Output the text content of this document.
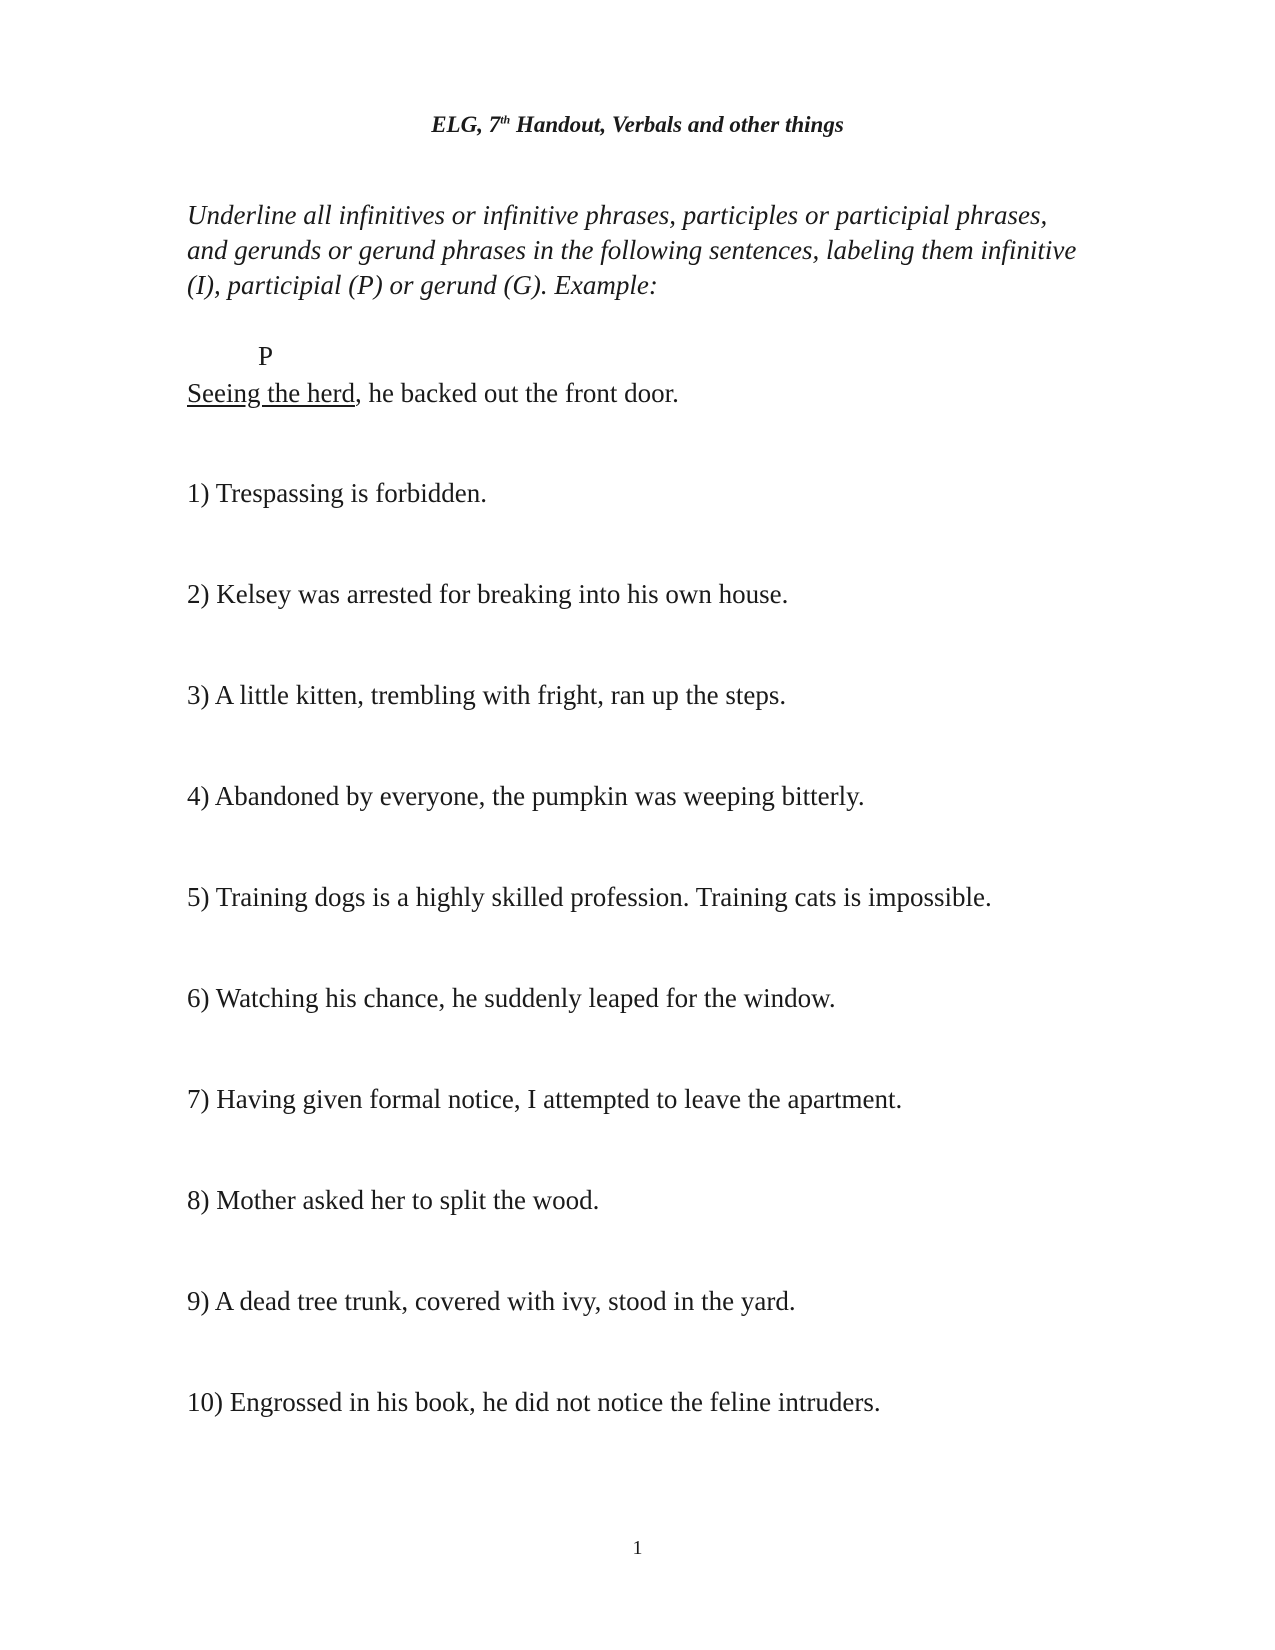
ELG, 7th Handout, Verbals and other things
Underline all infinitives or infinitive phrases, participles or participial phrases, and gerunds or gerund phrases in the following sentences, labeling them infinitive (I), participial (P) or gerund (G). Example:
P
Seeing the herd, he backed out the front door.
1) Trespassing is forbidden.
2) Kelsey was arrested for breaking into his own house.
3) A little kitten, trembling with fright, ran up the steps.
4) Abandoned by everyone, the pumpkin was weeping bitterly.
5) Training dogs is a highly skilled profession. Training cats is impossible.
6) Watching his chance, he suddenly leaped for the window.
7) Having given formal notice, I attempted to leave the apartment.
8) Mother asked her to split the wood.
9) A dead tree trunk, covered with ivy, stood in the yard.
10) Engrossed in his book, he did not notice the feline intruders.
1
